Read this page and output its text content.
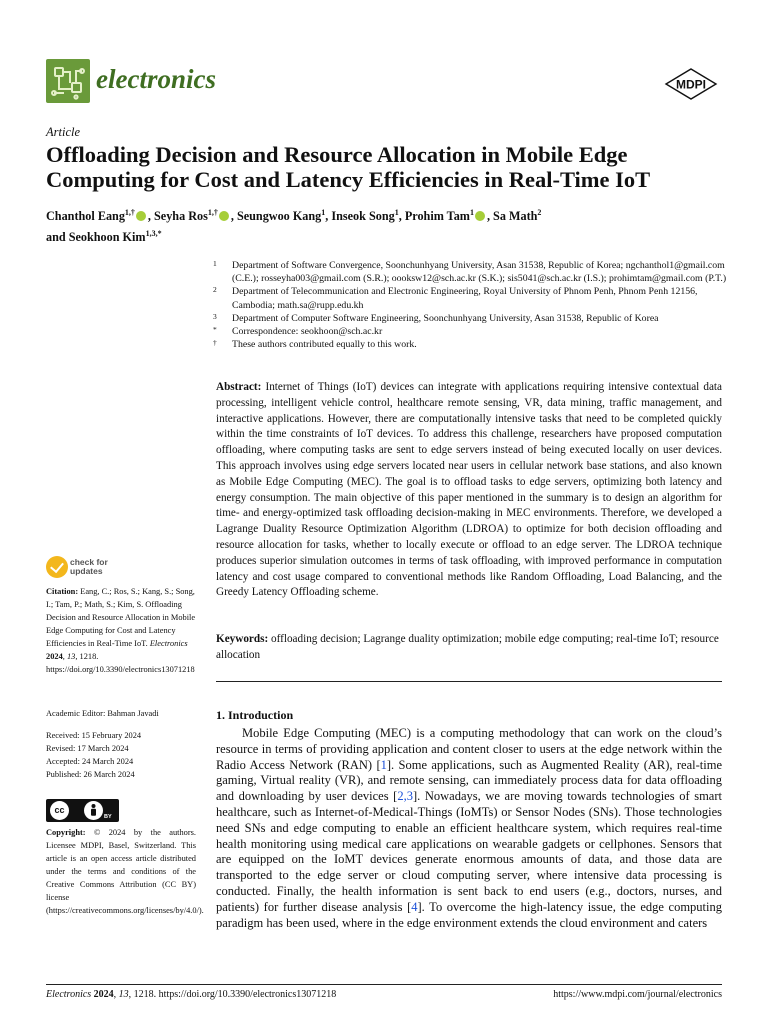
electronics	MDPI
Article
Offloading Decision and Resource Allocation in Mobile Edge Computing for Cost and Latency Efficiencies in Real-Time IoT
Chanthol Eang$^{1,\dagger}$ , Seyha Ros$^{1,\dagger}$ , Seungwoo Kang$^1$, Inseok Song$^1$, Prohim Tam$^1$ , Sa Math$^2$
and Seokhoon Kim$^{1,3,*}$
1 Department of Software Convergence, Soonchunhyang University, Asan 31538, Republic of Korea; ngchanthol1@gmail.com (C.E.); rosseyha003@gmail.com (S.R.); oooksw12@sch.ac.kr (S.K.); sis5041@sch.ac.kr (I.S.); prohimtam@gmail.com (P.T.)
2 Department of Telecommunication and Electronic Engineering, Royal University of Phnom Penh, Phnom Penh 12156, Cambodia; math.sa@rupp.edu.kh
3 Department of Computer Software Engineering, Soonchunhyang University, Asan 31538, Republic of Korea
* Correspondence: seokhoon@sch.ac.kr
† These authors contributed equally to this work.
Abstract: Internet of Things (IoT) devices can integrate with applications requiring intensive contextual data processing, intelligent vehicle control, healthcare remote sensing, VR, data mining, traffic management, and interactive applications. However, there are computationally intensive tasks that need to be completed quickly within the time constraints of IoT devices. To address this challenge, researchers have proposed computation offloading, where computing tasks are sent to edge servers instead of being executed locally on user devices. This approach involves using edge servers located near users in cellular network base stations, and also known as Mobile Edge Computing (MEC). The goal is to offload tasks to edge servers, optimizing both latency and energy consumption. The main objective of this paper mentioned in the summary is to design an algorithm for time- and energy-optimized task offloading decision-making in MEC environments. Therefore, we developed a Lagrange Duality Resource Optimization Algorithm (LDROA) to optimize for both decision offloading and resource allocation for tasks, whether to locally execute or offload to an edge server. The LDROA technique produces superior simulation outcomes in terms of task offloading, with improved performance in computation latency and cost usage compared to conventional methods like Random Offloading, Load Balancing, and the Greedy Latency Offloading scheme.
Keywords: offloading decision; Lagrange duality optimization; mobile edge computing; real-time IoT; resource allocation
1. Introduction
Mobile Edge Computing (MEC) is a computing methodology that can work on the cloud’s resource in terms of providing application and content closer to users at the edge network within the Radio Access Network (RAN) [1]. Some applications, such as Augmented Reality (AR), real-time gaming, Virtual reality (VR), and remote sensing, can immediately process data for data offloading and downloading by user devices [2,3]. Nowadays, we are moving towards technologies of smart healthcare, such as Internet-of-Medical-Things (IoMTs) or Sensor Nodes (SNs). Those technologies need SNs and edge computing to enable an efficient healthcare system, which requires real-time health monitoring using medical care applications on wearable gadgets or cellphones. Sensors that are equipped on the IoMT devices generate enormous amounts of data, and those data are transported to the edge server or cloud computing server, where intensive data processing is conducted. Finally, the health information is sent back to end users (e.g., doctors, nurses, and patients) for further disease analysis [4]. To overcome the high-latency issue, the edge computing paradigm has been used, where in the edge environment extends the cloud environment and caters
check for updates
Citation: Eang, C.; Ros, S.; Kang, S.; Song, I.; Tam, P.; Math, S.; Kim, S. Offloading Decision and Resource Allocation in Mobile Edge Computing for Cost and Latency Efficiencies in Real-Time IoT. Electronics 2024, 13, 1218. https://doi.org/10.3390/electronics13071218
Academic Editor: Bahman Javadi
Received: 15 February 2024
Revised: 17 March 2024
Accepted: 24 March 2024
Published: 26 March 2024
cc
BY
Copyright: © 2024 by the authors. Licensee MDPI, Basel, Switzerland. This article is an open access article distributed under the terms and conditions of the Creative Commons Attribution (CC BY) license (https://creativecommons.org/licenses/by/4.0/).
Electronics 2024, 13, 1218. https://doi.org/10.3390/electronics13071218	https://www.mdpi.com/journal/electronics
